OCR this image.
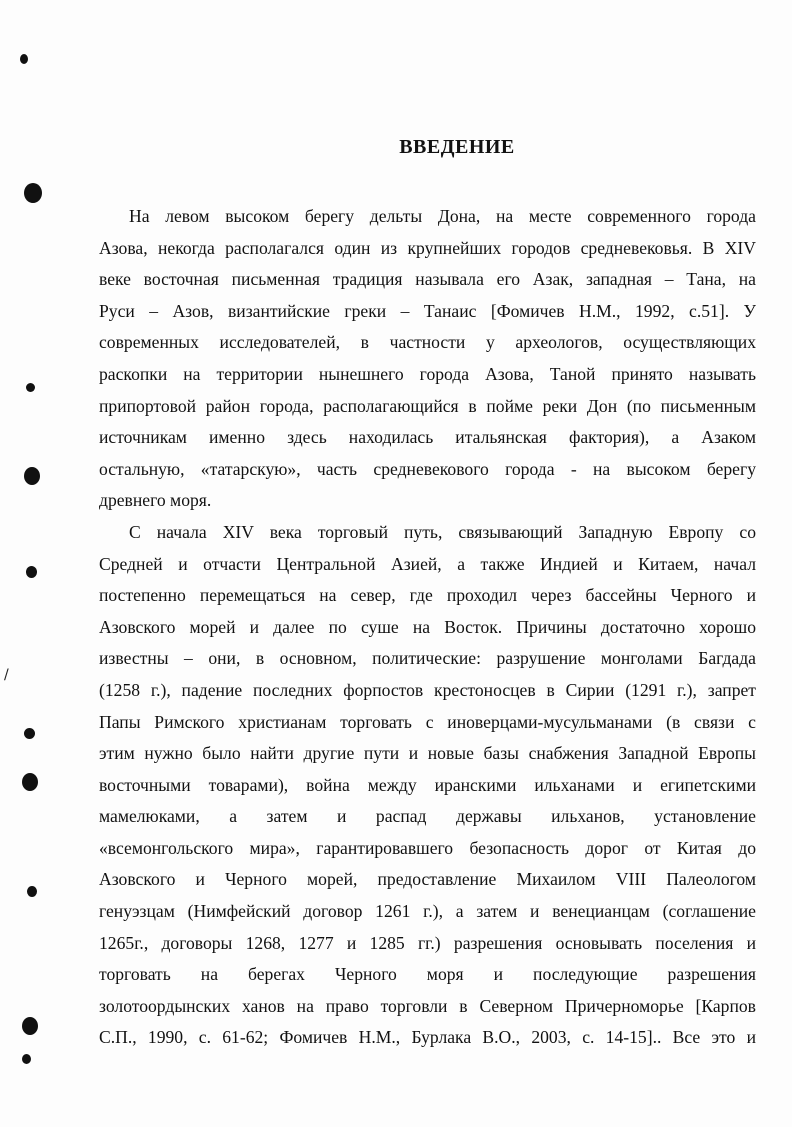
/
ВВЕДЕНИЕ
На левом высоком берегу дельты Дона, на месте современного города
Азова, некогда располагался один из крупнейших городов средневековья. В XIV
веке восточная письменная традиция называла его Азак, западная – Тана, на
Руси – Азов, византийские греки – Танаис [Фомичев Н.М., 1992, с.51]. У
современных исследователей, в частности у археологов, осуществляющих
раскопки на территории нынешнего города Азова, Таной принято называть
припортовой район города, располагающийся в пойме реки Дон (по письменным
источникам именно здесь находилась итальянская фактория), а Азаком
остальную, «татарскую», часть средневекового города - на высоком берегу
древнего моря.
С начала XIV века торговый путь, связывающий Западную Европу со
Средней и отчасти Центральной Азией, а также Индией и Китаем, начал
постепенно перемещаться на север, где проходил через бассейны Черного и
Азовского морей и далее по суше на Восток. Причины достаточно хорошо
известны – они, в основном, политические: разрушение монголами Багдада
(1258 г.), падение последних форпостов крестоносцев в Сирии (1291 г.), запрет
Папы Римского христианам торговать с иноверцами-мусульманами (в связи с
этим нужно было найти другие пути и новые базы снабжения Западной Европы
восточными товарами), война между иранскими ильханами и египетскими
мамелюками, а затем и распад державы ильханов, установление
«всемонгольского мира», гарантировавшего безопасность дорог от Китая до
Азовского и Черного морей, предоставление Михаилом VIII Палеологом
генуэзцам (Нимфейский договор 1261 г.), а затем и венецианцам (соглашение
1265г., договоры 1268, 1277 и 1285 гг.) разрешения основывать поселения и
торговать на берегах Черного моря и последующие разрешения
золотоордынских ханов на право торговли в Северном Причерноморье [Карпов
С.П., 1990, с. 61-62; Фомичев Н.М., Бурлака В.О., 2003, с. 14-15].. Все это и
